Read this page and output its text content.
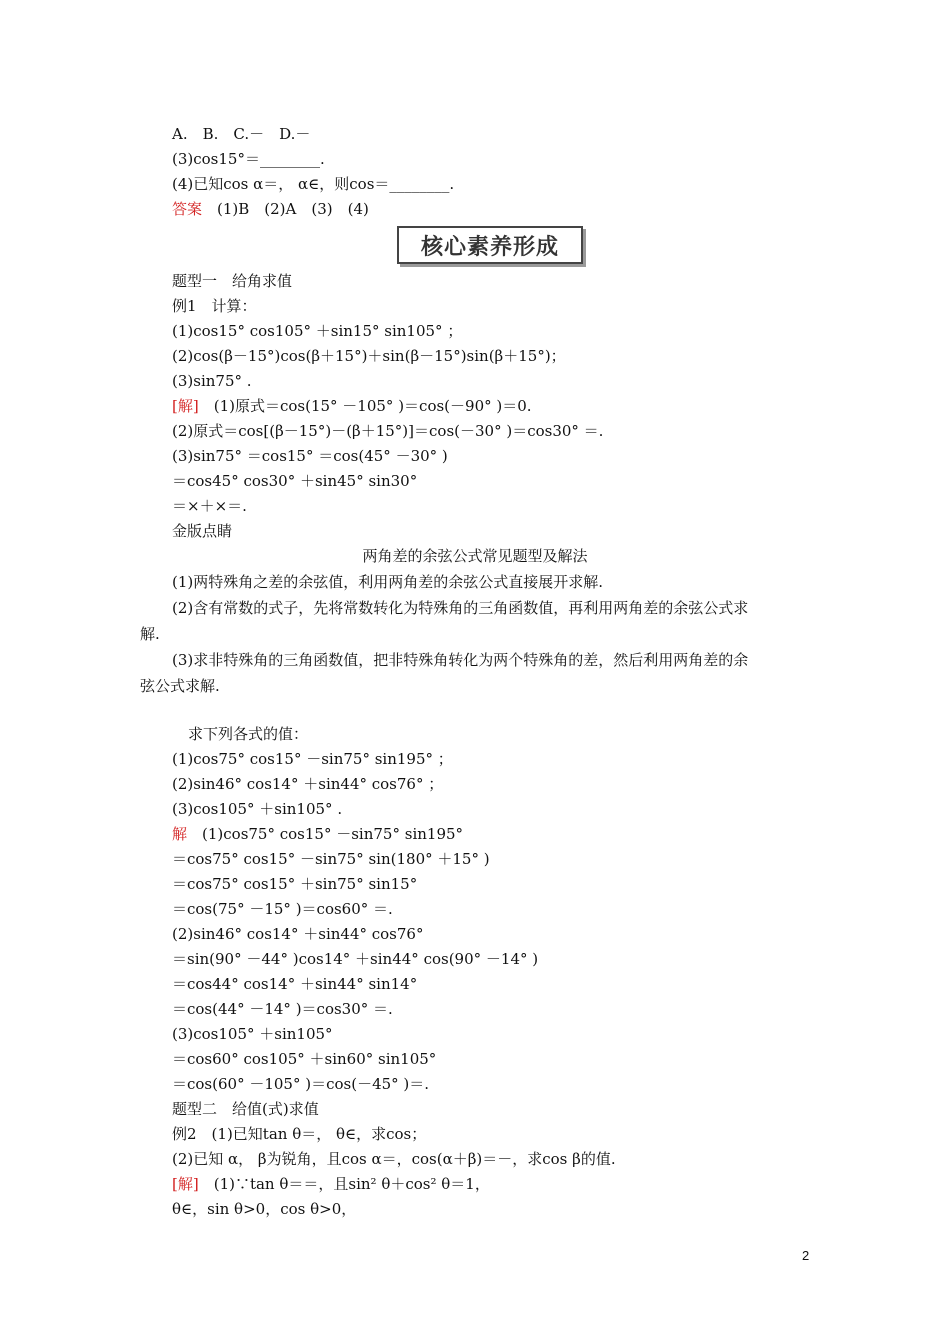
A.　B.　C.－　D.－
(3)cos15°＝________.
(4)已知cos α＝， α∈，则cos＝________.
答案　(1)B　(2)A　(3)　(4)
核心素养形成
题型一　给角求值
例1　计算：
(1)cos15° cos105° ＋sin15° sin105° ；
(2)cos(β－15°)cos(β＋15°)＋sin(β－15°)sin(β＋15°)；
(3)sin75° .
[解]　(1)原式＝cos(15° －105° )＝cos(－90° )＝0.
(2)原式＝cos[(β－15°)－(β＋15°)]＝cos(－30° )＝cos30° ＝.
(3)sin75° ＝cos15° ＝cos(45° －30° )
＝cos45° cos30° ＋sin45° sin30°
＝×＋×＝.
金版点睛
两角差的余弦公式常见题型及解法
(1)两特殊角之差的余弦值，利用两角差的余弦公式直接展开求解.
(2)含有常数的式子，先将常数转化为特殊角的三角函数值，再利用两角差的余弦公式求
解.
(3)求非特殊角的三角函数值，把非特殊角转化为两个特殊角的差，然后利用两角差的余
弦公式求解.
求下列各式的值：
(1)cos75° cos15° －sin75° sin195° ；
(2)sin46° cos14° ＋sin44° cos76° ；
(3)cos105° ＋sin105° .
解　(1)cos75° cos15° －sin75° sin195°
＝cos75° cos15° －sin75° sin(180° ＋15° )
＝cos75° cos15° ＋sin75° sin15°
＝cos(75° －15° )＝cos60° ＝.
(2)sin46° cos14° ＋sin44° cos76°
＝sin(90° －44° )cos14° ＋sin44° cos(90° －14° )
＝cos44° cos14° ＋sin44° sin14°
＝cos(44° －14° )＝cos30° ＝.
(3)cos105° ＋sin105°
＝cos60° cos105° ＋sin60° sin105°
＝cos(60° －105° )＝cos(－45° )＝.
题型二　给值(式)求值
例2　(1)已知tan θ＝， θ∈，求cos；
(2)已知 α， β为锐角，且cos α＝，cos(α＋β)＝－，求cos β的值.
[解]　(1)∵tan θ＝＝，且sin² θ＋cos² θ＝1，
θ∈，sin θ>0，cos θ>0，
2
